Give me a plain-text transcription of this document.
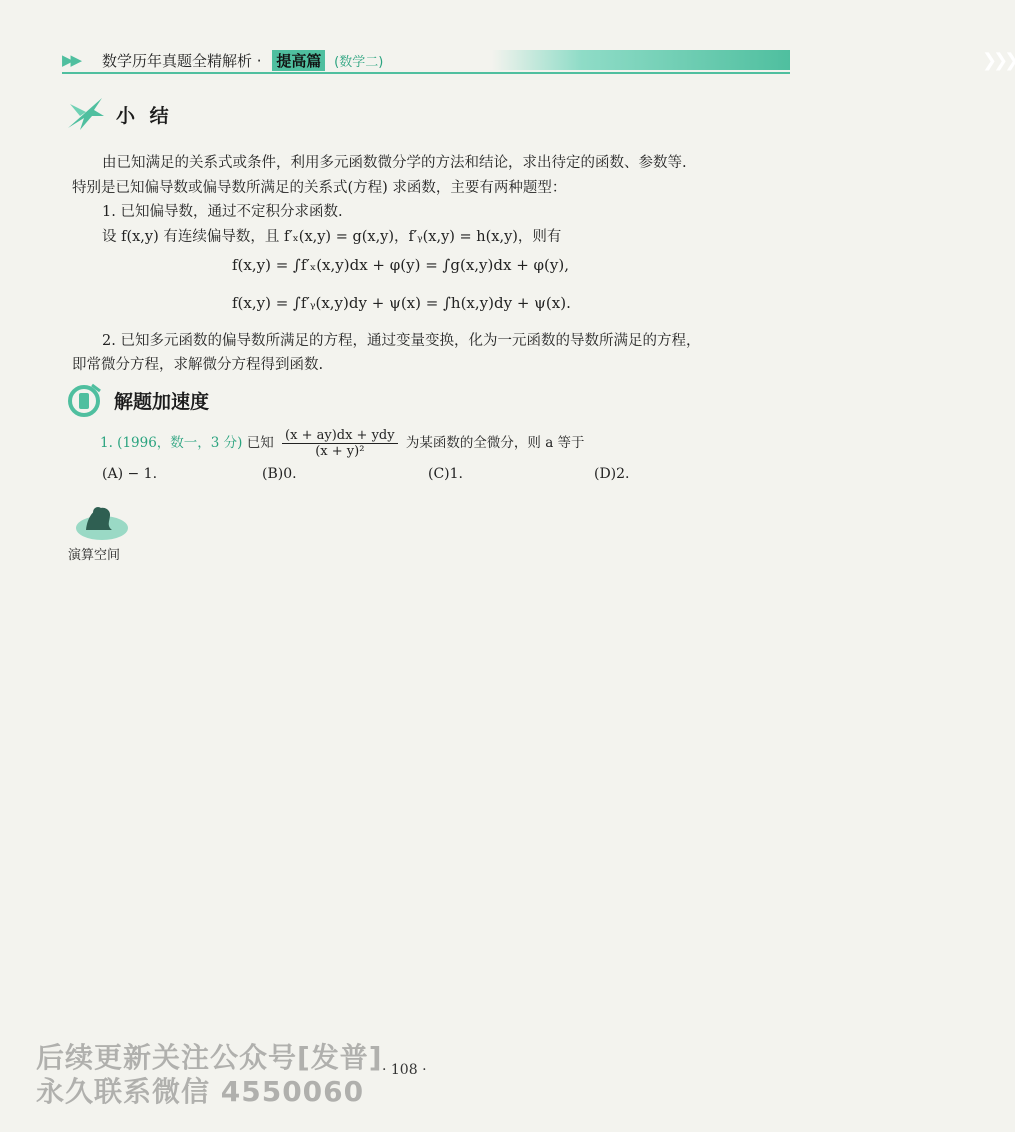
▶▶	❯❯❯
数学历年真题全精解析 · 提高篇 (数学二)
小 结
由已知满足的关系式或条件，利用多元函数微分学的方法和结论，求出待定的函数、参数等.
特别是已知偏导数或偏导数所满足的关系式(方程) 求函数，主要有两种题型：
1. 已知偏导数，通过不定积分求函数.
设 f(x,y) 有连续偏导数，且 f′ₓ(x,y) = g(x,y)，f′ᵧ(x,y) = h(x,y)，则有
f(x,y) = ∫f′ₓ(x,y)dx + φ(y) = ∫g(x,y)dx + φ(y),
f(x,y) = ∫f′ᵧ(x,y)dy + ψ(x) = ∫h(x,y)dy + ψ(x).
2. 已知多元函数的偏导数所满足的方程，通过变量变换，化为一元函数的导数所满足的方程，
即常微分方程，求解微分方程得到函数.
解题加速度
1. (1996，数一，3 分) 已知 $\frac{\text{(x + ay)dx + ydy}}{\text{(x + y)²}}$ 为某函数的全微分，则 a 等于
(A) − 1.	(B)0.	(C)1.	(D)2.
演算空间
· 108 ·
后续更新关注公众号[发普]
永久联系微信 4550060
